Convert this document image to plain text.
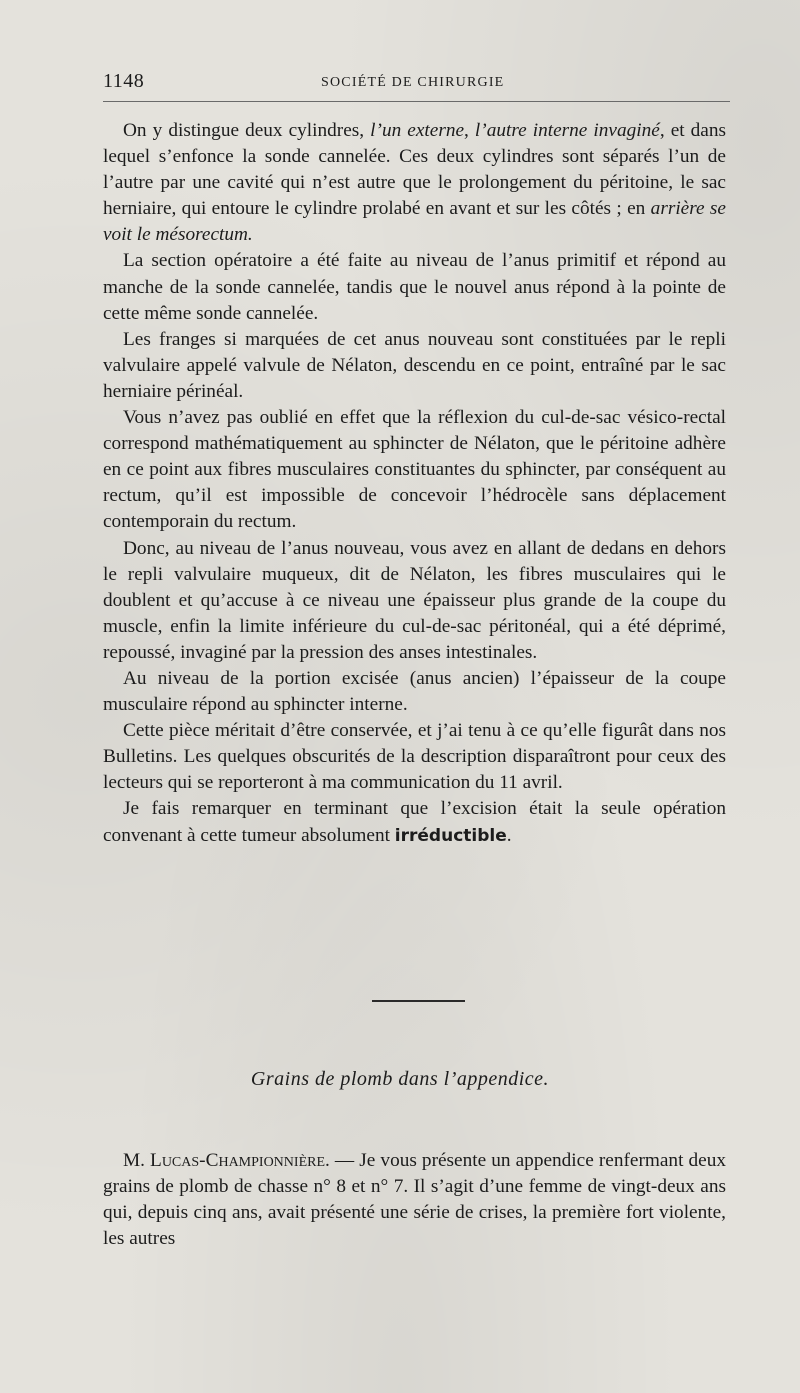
1148	SOCIÉTÉ DE CHIRURGIE

On y distingue deux cylindres, l’un externe, l’autre interne invaginé, et dans lequel s’enfonce la sonde cannelée. Ces deux cylindres sont séparés l’un de l’autre par une cavité qui n’est autre que le prolongement du péritoine, le sac herniaire, qui entoure le cylindre prolabé en avant et sur les côtés ; en arrière se voit le mésorectum.

La section opératoire a été faite au niveau de l’anus primitif et répond au manche de la sonde cannelée, tandis que le nouvel anus répond à la pointe de cette même sonde cannelée.

Les franges si marquées de cet anus nouveau sont constituées par le repli valvulaire appelé valvule de Nélaton, descendu en ce point, entraîné par le sac herniaire périnéal.

Vous n’avez pas oublié en effet que la réflexion du cul-de-sac vésico-rectal correspond mathématiquement au sphincter de Nélaton, que le péritoine adhère en ce point aux fibres musculaires constituantes du sphincter, par conséquent au rectum, qu’il est impossible de concevoir l’hédrocèle sans déplacement contemporain du rectum.

Donc, au niveau de l’anus nouveau, vous avez en allant de dedans en dehors le repli valvulaire muqueux, dit de Nélaton, les fibres musculaires qui le doublent et qu’accuse à ce niveau une épaisseur plus grande de la coupe du muscle, enfin la limite inférieure du cul-de-sac péritonéal, qui a été déprimé, repoussé, invaginé par la pression des anses intestinales.

Au niveau de la portion excisée (anus ancien) l’épaisseur de la coupe musculaire répond au sphincter interne.

Cette pièce méritait d’être conservée, et j’ai tenu à ce qu’elle figurât dans nos Bulletins. Les quelques obscurités de la description disparaîtront pour ceux des lecteurs qui se reporteront à ma communication du 11 avril.

Je fais remarquer en terminant que l’excision était la seule opération convenant à cette tumeur absolument irréductible.

Grains de plomb dans l’appendice.

M. Lucas-Championnière. — Je vous présente un appendice renfermant deux grains de plomb de chasse n° 8 et n° 7. Il s’agit d’une femme de vingt-deux ans qui, depuis cinq ans, avait présenté une série de crises, la première fort violente, les autres
